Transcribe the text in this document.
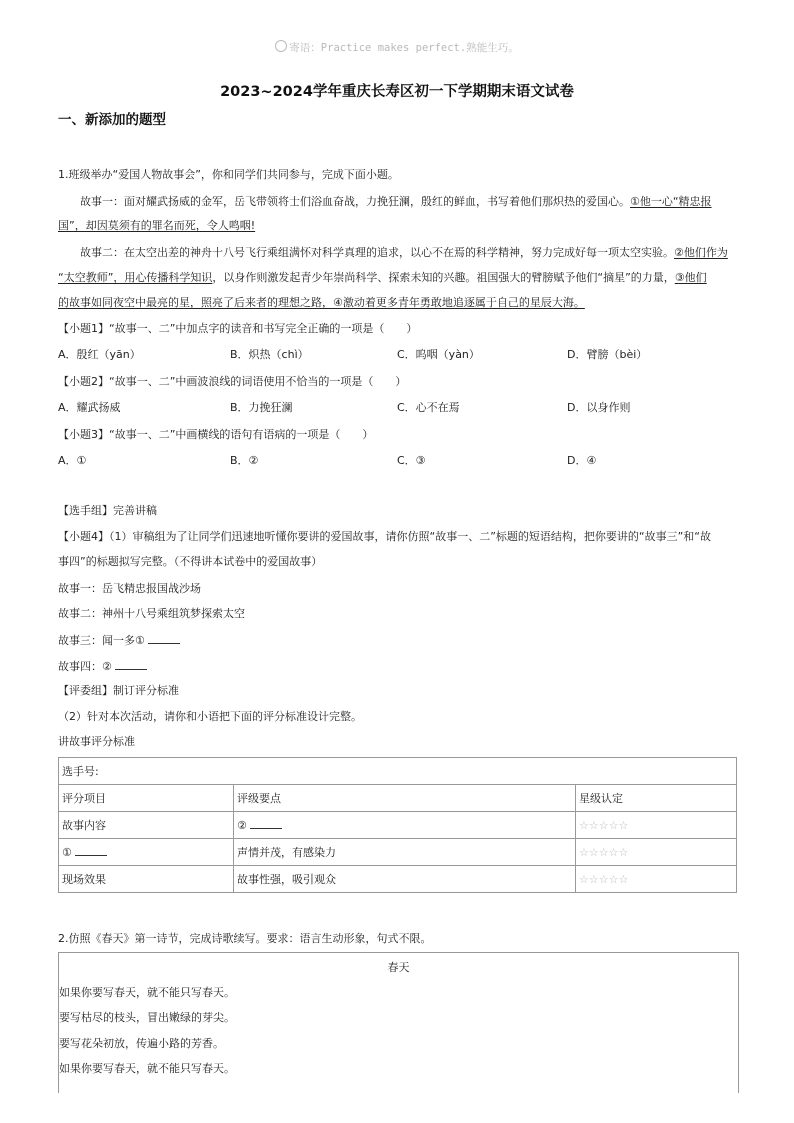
寄语：Practice makes perfect.熟能生巧。
2023~2024学年重庆长寿区初一下学期期末语文试卷
一、新添加的题型
1.班级举办“爱国人物故事会”，你和同学们共同参与，完成下面小题。
故事一：面对耀武扬威的金军，岳飞带领将士们浴血奋战，力挽狂澜，殷红的鲜血，书写着他们那炽热的爱国心。①他一心“精忠报
国”，却因莫须有的罪名而死，令人鸣咽!
故事二：在太空出差的神舟十八号飞行乘组满怀对科学真理的追求，以心不在焉的科学精神，努力完成好每一项太空实验。②他们作为
“太空教师”，用心传播科学知识，以身作则激发起青少年崇尚科学、探索未知的兴趣。祖国强大的臂膀赋予他们“摘星”的力量，③他们
的故事如同夜空中最亮的星，照亮了后来者的理想之路，④激动着更多青年勇敢地追逐属于自己的星辰大海。
【小题1】“故事一、二”中加点字的读音和书写完全正确的一项是（　　）
A．殷红（yān）	B．炽热（chì）	C．呜咽（yàn）	D．臂膀（bèi）
【小题2】“故事一、二”中画波浪线的词语使用不恰当的一项是（　　）
A．耀武扬威	B．力挽狂澜	C．心不在焉	D．以身作则
【小题3】“故事一、二”中画横线的语句有语病的一项是（　　）
A．①	B．②	C．③	D．④
【选手组】完善讲稿
【小题4】（1）审稿组为了让同学们迅速地听懂你要讲的爱国故事，请你仿照“故事一、二”标题的短语结构，把你要讲的“故事三”和“故
事四”的标题拟写完整。（不得讲本试卷中的爱国故事）
故事一：岳飞精忠报国战沙场
故事二：神州十八号乘组筑梦探索太空
故事三：闻一多①
故事四：②
【评委组】制订评分标准
（2）针对本次活动，请你和小语把下面的评分标准设计完整。
讲故事评分标准
选手号:		
评分项目	评级要点	星级认定
故事内容	②	☆☆☆☆☆
①	声情并茂，有感染力	☆☆☆☆☆
现场效果	故事性强，吸引观众	☆☆☆☆☆
2.仿照《春天》第一诗节，完成诗歌续写。要求：语言生动形象，句式不限。
春天
如果你要写春天，就不能只写春天。
要写枯尽的枝头，冒出嫩绿的芽尖。
要写花朵初放，传遍小路的芳香。
如果你要写春天，就不能只写春天。
